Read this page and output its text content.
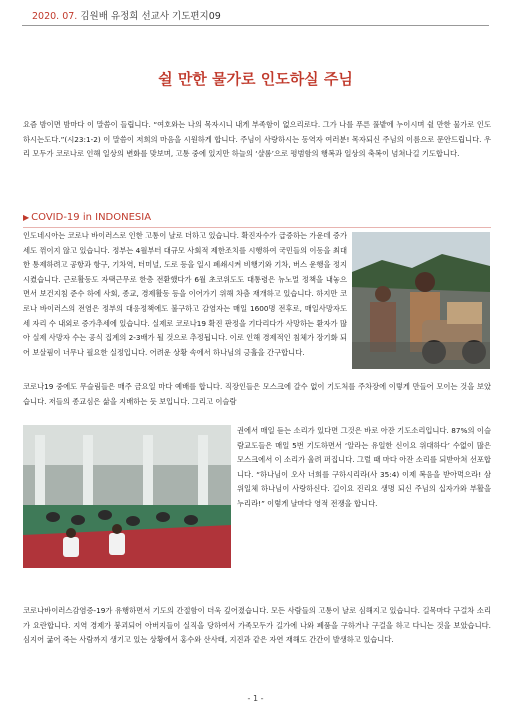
2020. 07. 김원배 유정희 선교사 기도편지09
쉴 만한 물가로 인도하실 주님

요즘 밤이면 밤마다 이 말씀이 들립니다. “여호와는 나의 목자시니 내게 부족함이 없으리로다. 그가 나를 푸른 풀밭에 누이시며 쉴 만한 물가로 인도하시는도다.”(시23:1-2) 이 말씀이 저희의 마음을 시원하게 합니다. 주님이 사랑하시는 동역자 여러분! 목자되신 주님의 이름으로 문안드립니다. 우리 모두가 코로나로 인해 일상의 변화를 맞보며, 고통 중에 있지만 하늘의 ‘샬롬’으로 평범함의 행복과 일상의 축복이 넘쳐나길 기도합니다.

▶ COVID-19 in INDONESIA

인도네시아는 코로나 바이러스로 인한 고통이 날로 더하고 있습니다. 확진자수가 급증하는 가운데 증가세도 꺾이지 않고 있습니다. 정부는 4월부터 대규모 사회적 제한조치를 시행하여 국민들의 이동을 최대한 통제하려고 공항과 항구, 기차역, 터미널, 도로 등을 일시 폐쇄시켜 비행기와 기차, 버스 운행을 정지시켰습니다. 근로활동도 자택근무로 한층 전환했다가 6월 초코위도도 대통령은 뉴노멀 정책을 내놓으면서 보건지침 준수 하에 사회, 종교, 경제활동 등을 이어가기 위해 차츰 재개하고 있습니다. 하지만 코로나 바이러스의 전염은 정부의 대응정책에도 불구하고 감염자는 매일 1600명 전후로, 매일사망자도 세 자리 수 내외로 증가추세에 있습니다. 실제로 코로나19 확진 판정을 기다리다가 사망하는 환자가 많아 실제 사망자 수는 공식 집계의 2-3배가 될 것으로 추정됩니다. 이로 인해 경제적인 침체가 장기화 되어 보살핌이 너무나 필요한 실정입니다. 어려운 상황 속에서 하나님의 긍휼을 간구합니다.

코로나19 중에도 무슬림들은 매주 금요일 마다 예배를 합니다. 직장인들은 모스크에 갈수 없이 기도처를 주차장에 이렇게 만들어 모이는 것을 보았습니다. 저들의 종교심은 삶을 지배하는 듯 보입니다. 그리고 이슬람

권에서 매일 듣는 소리가 있다면 그것은 바로 아잔 기도소리입니다. 87%의 이슬람교도들은 매일 5번 기도하면서 ‘알라는 유일한 신이요 위대하다’ 수없이 많은 모스크에서 이 소리가 울려 퍼집니다. 그럴 때 마다 아잔 소리를 되받아쳐 선포합니다. “하나님이 오사 너희를 구하시리라(사 35:4) 이제 복음을 받아먹으라! 삼위일체 하나님이 사랑하신다. 길이요 진리요 생명 되신 주님의 십자가와 부활을 누리라!” 이렇게 날마다 영적 전쟁을 합니다.

코로나바이러스감염증-19가 유행하면서 기도의 간절함이 더욱 깊어졌습니다. 모든 사람들의 고통이 날로 심해지고 있습니다. 길목마다 구걸차 소리가 요란합니다. 지역 경제가 붕괴되어 아버지들이 실직을 당하여서 가족모두가 길가에 나와 폐품을 구하거나 구걸을 하고 다니는 것을 보았습니다. 심지어 굶어 죽는 사람까지 생기고 있는 상황에서 홍수와 산사태, 지진과 같은 자연 재해도 간간이 발생하고 있습니다.

- 1 -
